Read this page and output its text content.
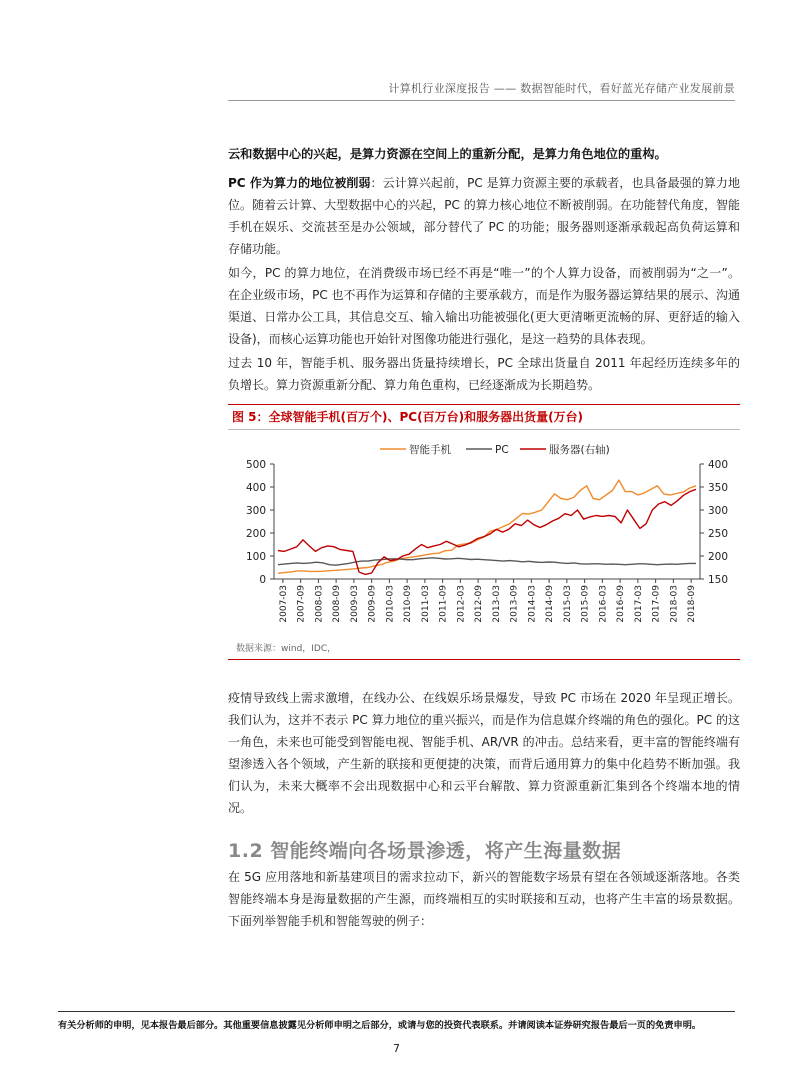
计算机行业深度报告 —— 数据智能时代，看好蓝光存储产业发展前景
云和数据中心的兴起，是算力资源在空间上的重新分配，是算力角色地位的重构。

PC 作为算力的地位被削弱：云计算兴起前，PC 是算力资源主要的承载者，也具备最强的算力地位。随着云计算、大型数据中心的兴起，PC 的算力核心地位不断被削弱。在功能替代角度，智能手机在娱乐、交流甚至是办公领域，部分替代了 PC 的功能；服务器则逐渐承载起高负荷运算和存储功能。

如今，PC 的算力地位，在消费级市场已经不再是“唯一”的个人算力设备，而被削弱为“之一”。在企业级市场，PC 也不再作为运算和存储的主要承载方，而是作为服务器运算结果的展示、沟通渠道、日常办公工具，其信息交互、输入输出功能被强化(更大更清晰更流畅的屏、更舒适的输入设备)，而核心运算功能也开始针对图像功能进行强化，是这一趋势的具体表现。

过去 10 年，智能手机、服务器出货量持续增长，PC 全球出货量自 2011 年起经历连续多年的负增长。算力资源重新分配、算力角色重构，已经逐渐成为长期趋势。

图 5：全球智能手机(百万个)、PC(百万台)和服务器出货量(万台)
智能手机	PC	服务器(右轴)
0
100
200
300
400
500
150
200
250
300
350
400
2007-03 2007-09 2008-03 2008-09 2009-03 2009-09 2010-03 2010-09 2011-03 2011-09 2012-03 2012-09 2013-03 2013-09 2014-03 2014-09 2015-03 2015-09 2016-03 2016-09 2017-03 2017-09 2018-03 2018-09
数据来源：wind，IDC，

疫情导致线上需求激增，在线办公、在线娱乐场景爆发，导致 PC 市场在 2020 年呈现正增长。我们认为，这并不表示 PC 算力地位的重兴振兴，而是作为信息媒介终端的角色的强化。PC 的这一角色，未来也可能受到智能电视、智能手机、AR/VR 的冲击。总结来看，更丰富的智能终端有望渗透入各个领域，产生新的联接和更便捷的决策，而背后通用算力的集中化趋势不断加强。我们认为，未来大概率不会出现数据中心和云平台解散、算力资源重新汇集到各个终端本地的情况。

1.2 智能终端向各场景渗透，将产生海量数据

在 5G 应用落地和新基建项目的需求拉动下，新兴的智能数字场景有望在各领域逐渐落地。各类智能终端本身是海量数据的产生源，而终端相互的实时联接和互动，也将产生丰富的场景数据。下面列举智能手机和智能驾驶的例子：

有关分析师的申明，见本报告最后部分。其他重要信息披露见分析师申明之后部分，或请与您的投资代表联系。并请阅读本证券研究报告最后一页的免责申明。
7
